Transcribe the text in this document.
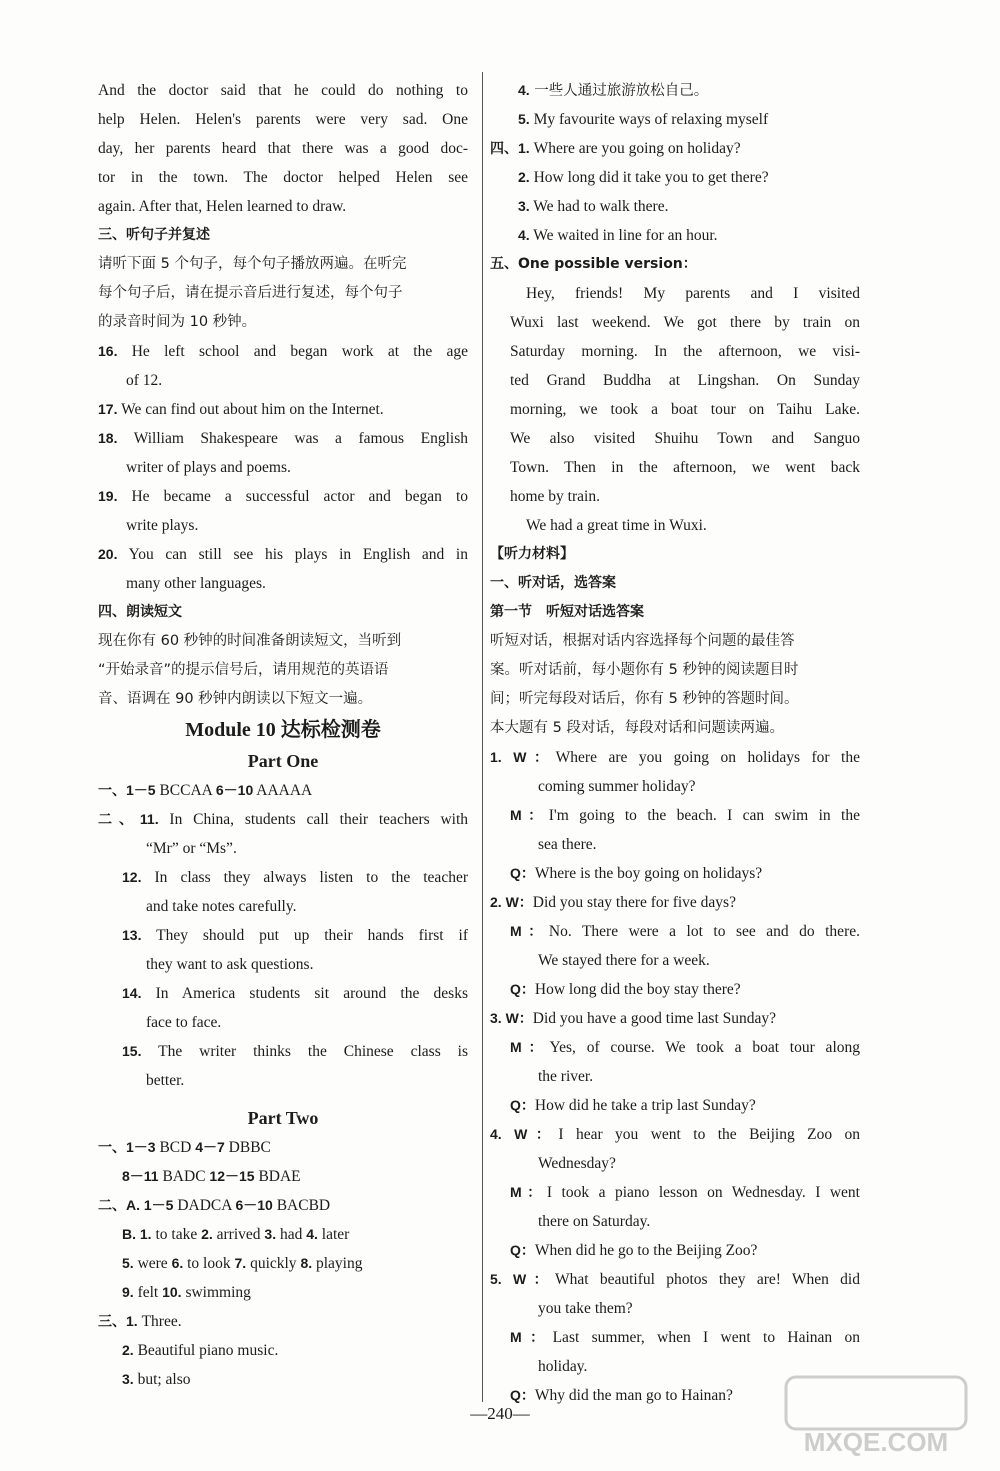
And the doctor said that he could do nothing to
help Helen. Helen's parents were very sad. One
day, her parents heard that there was a good doc-
tor in the town. The doctor helped Helen see
again. After that, Helen learned to draw.
三、听句子并复述
请听下面 5 个句子，每个句子播放两遍。在听完
每个句子后，请在提示音后进行复述，每个句子
的录音时间为 10 秒钟。
16. He left school and began work at the age
of 12.
17. We can find out about him on the Internet.
18. William Shakespeare was a famous English
writer of plays and poems.
19. He became a successful actor and began to
write plays.
20. You can still see his plays in English and in
many other languages.
四、朗读短文
现在你有 60 秒钟的时间准备朗读短文，当听到
“开始录音”的提示信号后，请用规范的英语语
音、语调在 90 秒钟内朗读以下短文一遍。
Module 10 达标检测卷
Part One
一、1－5 BCCAA 6－10 AAAAA
二、11. In China, students call their teachers with
“Mr” or “Ms”.
12. In class they always listen to the teacher
and take notes carefully.
13. They should put up their hands first if
they want to ask questions.
14. In America students sit around the desks
face to face.
15. The writer thinks the Chinese class is
better.
Part Two
一、1－3 BCD 4－7 DBBC
8－11 BADC 12－15 BDAE
二、A. 1－5 DADCA 6－10 BACBD
B. 1. to take 2. arrived 3. had 4. later
5. were 6. to look 7. quickly 8. playing
9. felt 10. swimming
三、1. Three.
2. Beautiful piano music.
3. but; also
4. 一些人通过旅游放松自己。
5. My favourite ways of relaxing myself
四、1. Where are you going on holiday?
2. How long did it take you to get there?
3. We had to walk there.
4. We waited in line for an hour.
五、One possible version：
Hey, friends! My parents and I visited
Wuxi last weekend. We got there by train on
Saturday morning. In the afternoon, we visi-
ted Grand Buddha at Lingshan. On Sunday
morning, we took a boat tour on Taihu Lake.
We also visited Shuihu Town and Sanguo
Town. Then in the afternoon, we went back
home by train.
We had a great time in Wuxi.
【听力材料】
一、听对话，选答案
第一节　听短对话选答案
听短对话，根据对话内容选择每个问题的最佳答
案。听对话前，每小题你有 5 秒钟的阅读题目时
间；听完每段对话后，你有 5 秒钟的答题时间。
本大题有 5 段对话，每段对话和问题读两遍。
1. W：Where are you going on holidays for the
coming summer holiday?
M：I'm going to the beach. I can swim in the
sea there.
Q：Where is the boy going on holidays?
2. W：Did you stay there for five days?
M：No. There were a lot to see and do there.
We stayed there for a week.
Q：How long did the boy stay there?
3. W：Did you have a good time last Sunday?
M：Yes, of course. We took a boat tour along
the river.
Q：How did he take a trip last Sunday?
4. W：I hear you went to the Beijing Zoo on
Wednesday?
M：I took a piano lesson on Wednesday. I went
there on Saturday.
Q：When did he go to the Beijing Zoo?
5. W：What beautiful photos they are! When did
you take them?
M：Last summer, when I went to Hainan on
holiday.
Q：Why did the man go to Hainan?
—240—
MXQE.COM
